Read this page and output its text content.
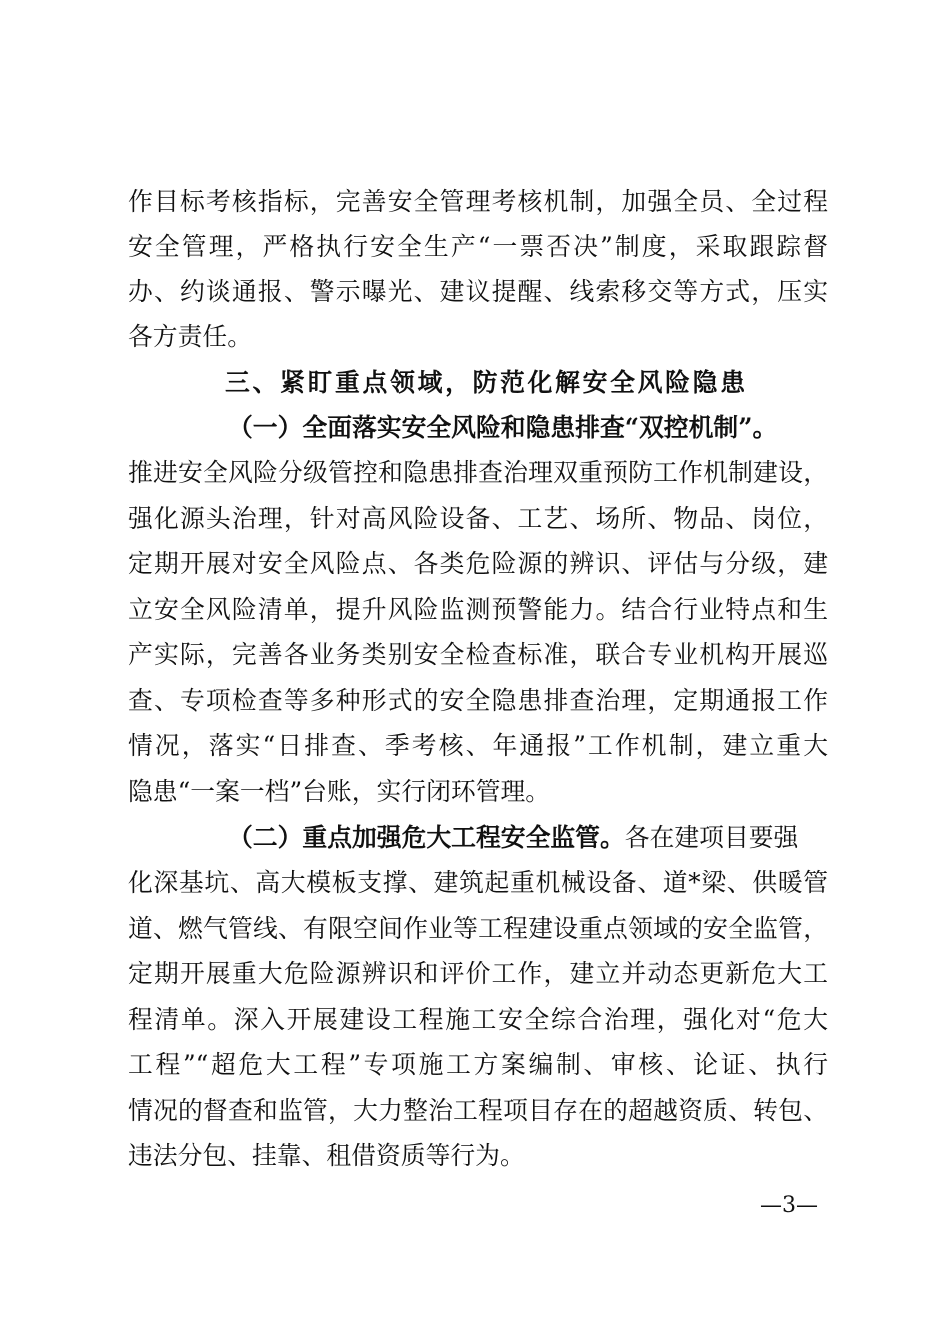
作目标考核指标，完善安全管理考核机制，加强全员、全过程
安全管理，严格执行安全生产“一票否决”制度，采取跟踪督
办、约谈通报、警示曝光、建议提醒、线索移交等方式，压实
各方责任。
三、紧盯重点领域，防范化解安全风险隐患
（一）全面落实安全风险和隐患排查“双控机制”。
推进安全风险分级管控和隐患排查治理双重预防工作机制建设，
强化源头治理，针对高风险设备、工艺、场所、物品、岗位，
定期开展对安全风险点、各类危险源的辨识、评估与分级，建
立安全风险清单，提升风险监测预警能力。结合行业特点和生
产实际，完善各业务类别安全检查标准，联合专业机构开展巡
查、专项检查等多种形式的安全隐患排查治理，定期通报工作
情况，落实“日排查、季考核、年通报”工作机制，建立重大
隐患“一案一档”台账，实行闭环管理。
（二）重点加强危大工程安全监管。各在建项目要强
化深基坑、高大模板支撑、建筑起重机械设备、道*梁、供暖管
道、燃气管线、有限空间作业等工程建设重点领域的安全监管，
定期开展重大危险源辨识和评价工作，建立并动态更新危大工
程清单。深入开展建设工程施工安全综合治理，强化对“危大
工程”“超危大工程”专项施工方案编制、审核、论证、执行
情况的督查和监管，大力整治工程项目存在的超越资质、转包、
违法分包、挂靠、租借资质等行为。
—3—
